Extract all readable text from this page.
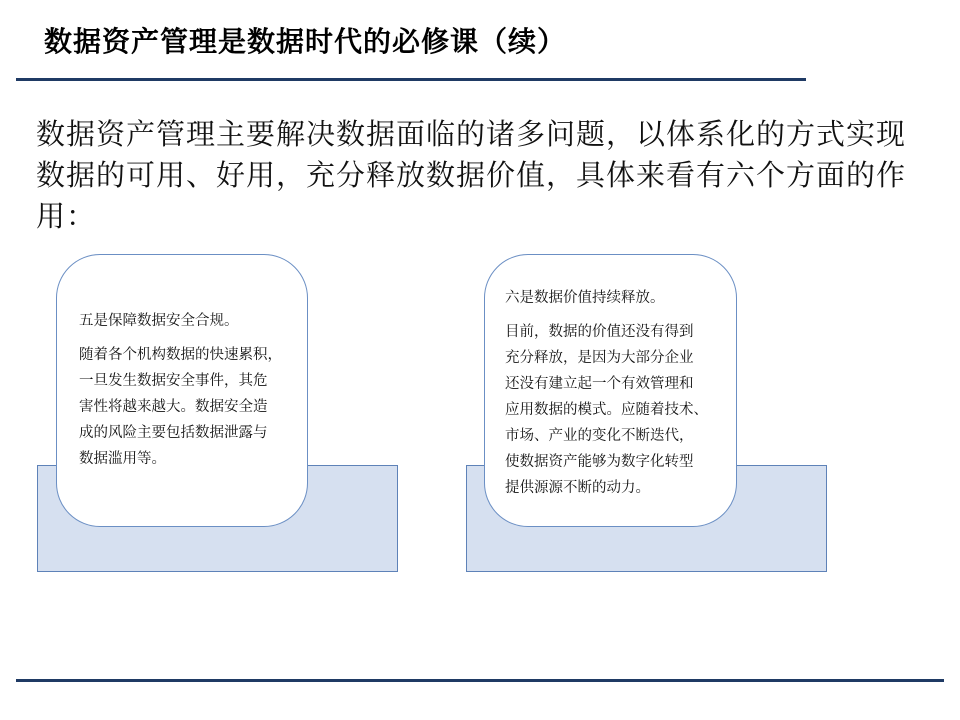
数据资产管理是数据时代的必修课（续）
数据资产管理主要解决数据面临的诸多问题，以体系化的方式实现数据的可用、好用，充分释放数据价值，具体来看有六个方面的作用：

五是保障数据安全合规。

随着各个机构数据的快速累积，

一旦发生数据安全事件，其危

害性将越来越大。数据安全造

成的风险主要包括数据泄露与

数据滥用等。

六是数据价值持续释放。

目前，数据的价值还没有得到

充分释放，是因为大部分企业

还没有建立起一个有效管理和

应用数据的模式。应随着技术、

市场、产业的变化不断迭代，

使数据资产能够为数字化转型

提供源源不断的动力。
